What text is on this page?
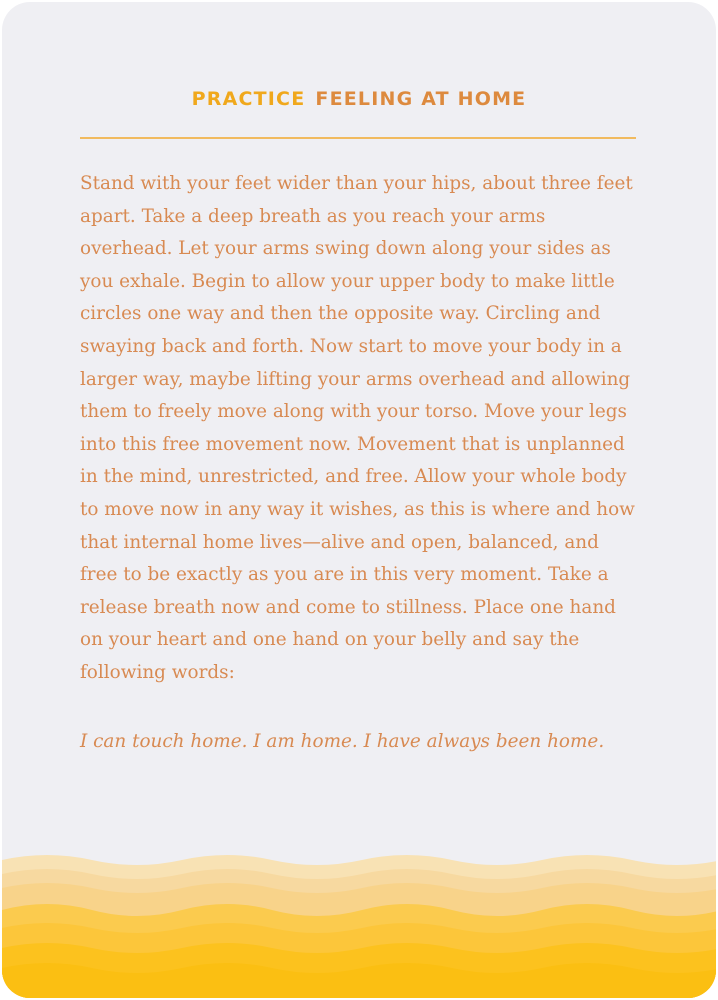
PRACTICE FEELING AT HOME

Stand with your feet wider than your hips, about three feet apart. Take a deep breath as you reach your arms overhead. Let your arms swing down along your sides as you exhale. Begin to allow your upper body to make little circles one way and then the opposite way. Circling and swaying back and forth. Now start to move your body in a larger way, maybe lifting your arms overhead and allowing them to freely move along with your torso. Move your legs into this free movement now. Movement that is unplanned in the mind, unrestricted, and free. Allow your whole body to move now in any way it wishes, as this is where and how that internal home lives—alive and open, balanced, and free to be exactly as you are in this very moment. Take a release breath now and come to stillness. Place one hand on your heart and one hand on your belly and say the following words:

I can touch home. I am home. I have always been home.
